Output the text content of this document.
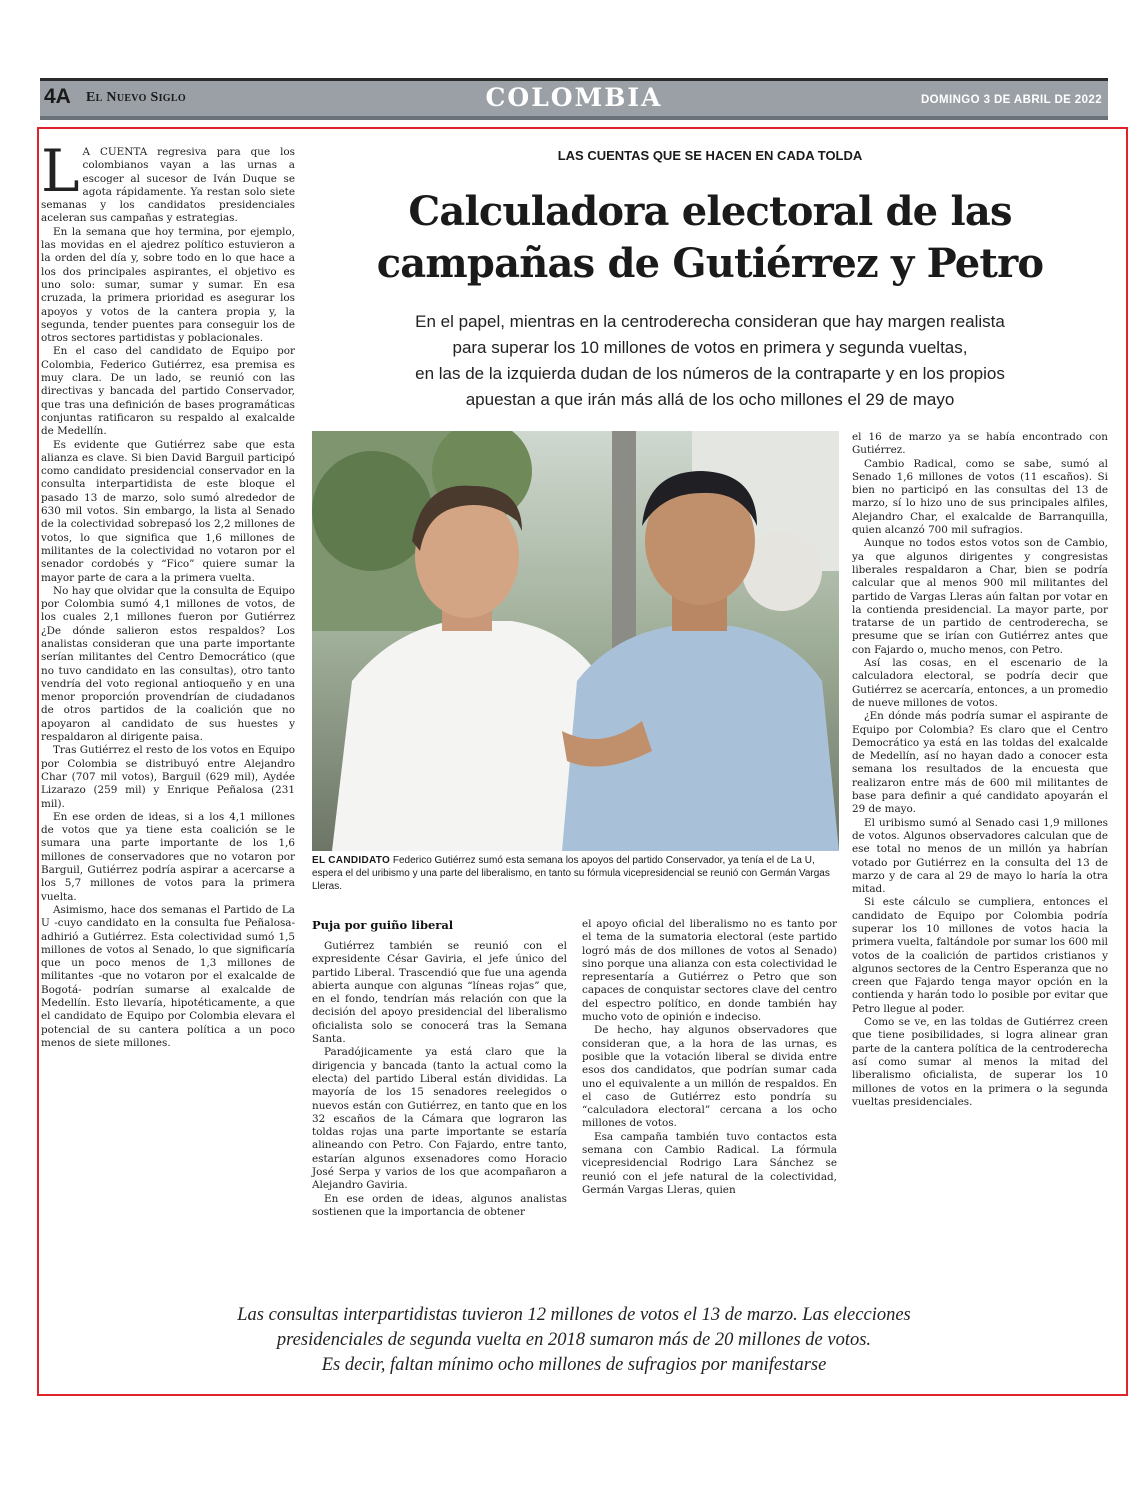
4A El Nuevo Siglo	COLOMBIA	DOMINGO 3 DE ABRIL DE 2022

L A CUENTA regresiva para que los colombianos vayan a las urnas a escoger al sucesor de Iván Duque se agota rápidamente. Ya restan solo siete semanas y los candidatos presidenciales aceleran sus campañas y estrategias.

En la semana que hoy termina, por ejemplo, las movidas en el ajedrez político estuvieron a la orden del día y, sobre todo en lo que hace a los dos principales aspirantes, el objetivo es uno solo: sumar, sumar y sumar. En esa cruzada, la primera prioridad es asegurar los apoyos y votos de la cantera propia y, la segunda, tender puentes para conseguir los de otros sectores partidistas y poblacionales.

En el caso del candidato de Equipo por Colombia, Federico Gutiérrez, esa premisa es muy clara. De un lado, se reunió con las directivas y bancada del partido Conservador, que tras una definición de bases programáticas conjuntas ratificaron su respaldo al exalcalde de Medellín.

Es evidente que Gutiérrez sabe que esta alianza es clave. Si bien David Barguil participó como candidato presidencial conservador en la consulta interpartidista de este bloque el pasado 13 de marzo, solo sumó alrededor de 630 mil votos. Sin embargo, la lista al Senado de la colectividad sobrepasó los 2,2 millones de votos, lo que significa que 1,6 millones de militantes de la colectividad no votaron por el senador cordobés y “Fico” quiere sumar la mayor parte de cara a la primera vuelta.

No hay que olvidar que la consulta de Equipo por Colombia sumó 4,1 millones de votos, de los cuales 2,1 millones fueron por Gutiérrez ¿De dónde salieron estos respaldos? Los analistas consideran que una parte importante serían militantes del Centro Democrático (que no tuvo candidato en las consultas), otro tanto vendría del voto regional antioqueño y en una menor proporción provendrían de ciudadanos de otros partidos de la coalición que no apoyaron al candidato de sus huestes y respaldaron al dirigente paisa.

Tras Gutiérrez el resto de los votos en Equipo por Colombia se distribuyó entre Alejandro Char (707 mil votos), Barguil (629 mil), Aydée Lizarazo (259 mil) y Enrique Peñalosa (231 mil).

En ese orden de ideas, si a los 4,1 millones de votos que ya tiene esta coalición se le sumara una parte importante de los 1,6 millones de conservadores que no votaron por Barguil, Gutiérrez podría aspirar a acercarse a los 5,7 millones de votos para la primera vuelta.

Asimismo, hace dos semanas el Partido de La U -cuyo candidato en la consulta fue Peñalosa- adhirió a Gutiérrez. Esta colectividad sumó 1,5 millones de votos al Senado, lo que significaría que un poco menos de 1,3 millones de militantes -que no votaron por el exalcalde de Bogotá- podrían sumarse al exalcalde de Medellín. Esto llevaría, hipotéticamente, a que el candidato de Equipo por Colombia elevara el potencial de su cantera política a un poco menos de siete millones.

LAS CUENTAS QUE SE HACEN EN CADA TOLDA
Calculadora electoral de las
campañas de Gutiérrez y Petro
En el papel, mientras en la centroderecha consideran que hay margen realista
para superar los 10 millones de votos en primera y segunda vueltas,
en las de la izquierda dudan de los números de la contraparte y en los propios
apuestan a que irán más allá de los ocho millones el 29 de mayo
EL CANDIDATO Federico Gutiérrez sumó esta semana los apoyos del partido Conservador, ya tenía el de La U, espera el del uribismo y una parte del liberalismo, en tanto su fórmula vicepresidencial se reunió con Germán Vargas Lleras.

Puja por guiño liberal

Gutiérrez también se reunió con el expresidente César Gaviria, el jefe único del partido Liberal. Trascendió que fue una agenda abierta aunque con algunas “líneas rojas” que, en el fondo, tendrían más relación con que la decisión del apoyo presidencial del liberalismo oficialista solo se conocerá tras la Semana Santa.

Paradójicamente ya está claro que la dirigencia y bancada (tanto la actual como la electa) del partido Liberal están divididas. La mayoría de los 15 senadores reelegidos o nuevos están con Gutiérrez, en tanto que en los 32 escaños de la Cámara que lograron las toldas rojas una parte importante se estaría alineando con Petro. Con Fajardo, entre tanto, estarían algunos exsenadores como Horacio José Serpa y varios de los que acompañaron a Alejandro Gaviria.

En ese orden de ideas, algunos analistas sostienen que la importancia de obtener

el apoyo oficial del liberalismo no es tanto por el tema de la sumatoria electoral (este partido logró más de dos millones de votos al Senado) sino porque una alianza con esta colectividad le representaría a Gutiérrez o Petro que son capaces de conquistar sectores clave del centro del espectro político, en donde también hay mucho voto de opinión e indeciso.

De hecho, hay algunos observadores que consideran que, a la hora de las urnas, es posible que la votación liberal se divida entre esos dos candidatos, que podrían sumar cada uno el equivalente a un millón de respaldos. En el caso de Gutiérrez esto pondría su “calculadora electoral” cercana a los ocho millones de votos.

Esa campaña también tuvo contactos esta semana con Cambio Radical. La fórmula vicepresidencial Rodrigo Lara Sánchez se reunió con el jefe natural de la colectividad, Germán Vargas Lleras, quien

el 16 de marzo ya se había encontrado con Gutiérrez.

Cambio Radical, como se sabe, sumó al Senado 1,6 millones de votos (11 escaños). Si bien no participó en las consultas del 13 de marzo, sí lo hizo uno de sus principales alfiles, Alejandro Char, el exalcalde de Barranquilla, quien alcanzó 700 mil sufragios.

Aunque no todos estos votos son de Cambio, ya que algunos dirigentes y congresistas liberales respaldaron a Char, bien se podría calcular que al menos 900 mil militantes del partido de Vargas Lleras aún faltan por votar en la contienda presidencial. La mayor parte, por tratarse de un partido de centroderecha, se presume que se irían con Gutiérrez antes que con Fajardo o, mucho menos, con Petro.

Así las cosas, en el escenario de la calculadora electoral, se podría decir que Gutiérrez se acercaría, entonces, a un promedio de nueve millones de votos.

¿En dónde más podría sumar el aspirante de Equipo por Colombia? Es claro que el Centro Democrático ya está en las toldas del exalcalde de Medellín, así no hayan dado a conocer esta semana los resultados de la encuesta que realizaron entre más de 600 mil militantes de base para definir a qué candidato apoyarán el 29 de mayo.

El uribismo sumó al Senado casi 1,9 millones de votos. Algunos observadores calculan que de ese total no menos de un millón ya habrían votado por Gutiérrez en la consulta del 13 de marzo y de cara al 29 de mayo lo haría la otra mitad.

Si este cálculo se cumpliera, entonces el candidato de Equipo por Colombia podría superar los 10 millones de votos hacia la primera vuelta, faltándole por sumar los 600 mil votos de la coalición de partidos cristianos y algunos sectores de la Centro Esperanza que no creen que Fajardo tenga mayor opción en la contienda y harán todo lo posible por evitar que Petro llegue al poder.

Como se ve, en las toldas de Gutiérrez creen que tiene posibilidades, si logra alinear gran parte de la cantera política de la centroderecha así como sumar al menos la mitad del liberalismo oficialista, de superar los 10 millones de votos en la primera o la segunda vueltas presidenciales.

Las consultas interpartidistas tuvieron 12 millones de votos el 13 de marzo. Las elecciones
presidenciales de segunda vuelta en 2018 sumaron más de 20 millones de votos.
Es decir, faltan mínimo ocho millones de sufragios por manifestarse
